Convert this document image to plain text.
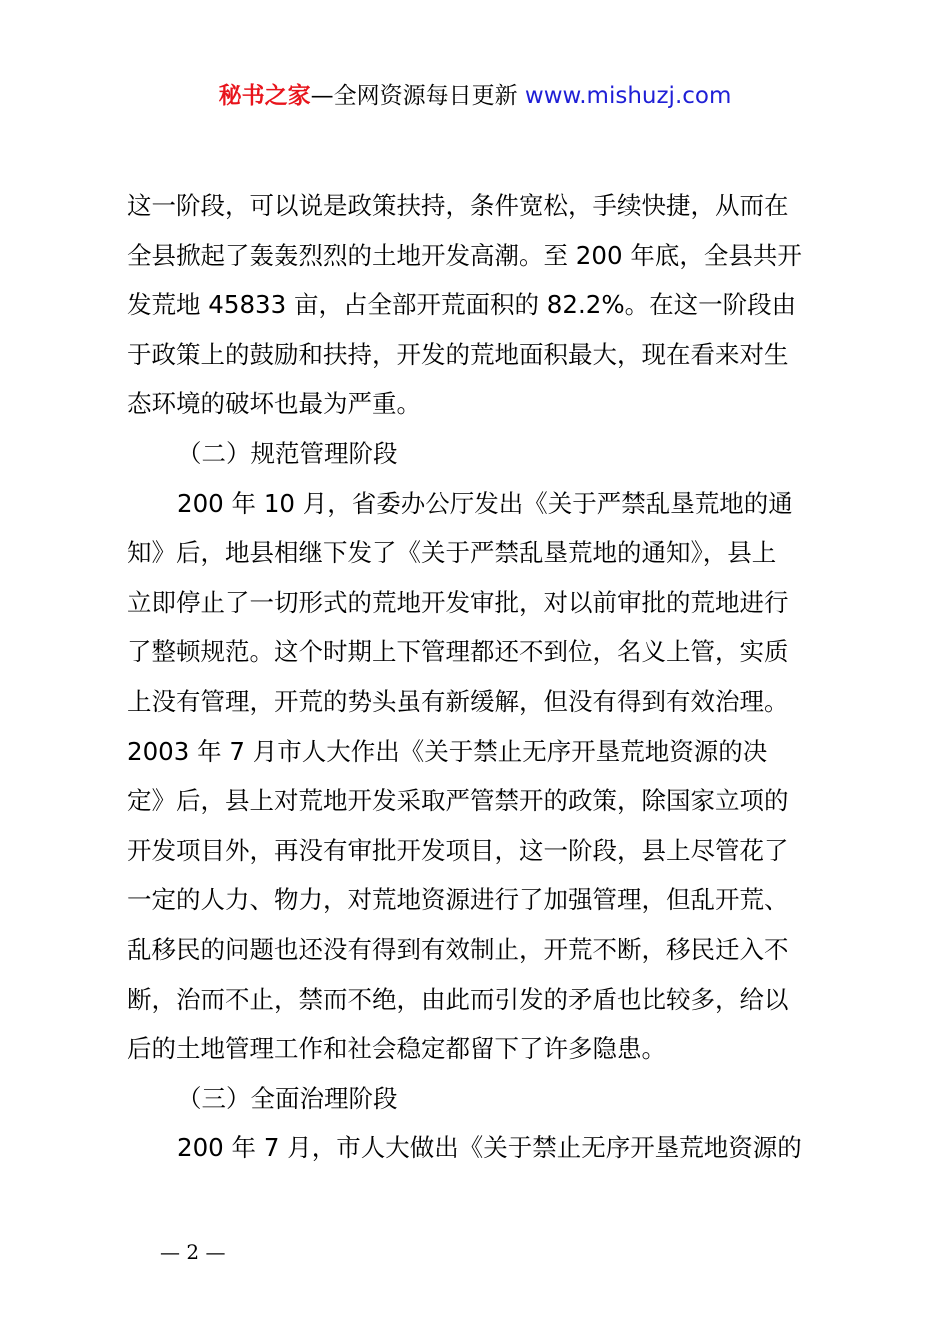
秘书之家—全网资源每日更新 www.mishuzj.com
这一阶段，可以说是政策扶持，条件宽松，手续快捷，从而在
全县掀起了轰轰烈烈的土地开发高潮。至 200 年底，全县共开
发荒地 45833 亩，占全部开荒面积的 82.2%。在这一阶段由
于政策上的鼓励和扶持，开发的荒地面积最大，现在看来对生
态环境的破坏也最为严重。
（二）规范管理阶段
200 年 10 月，省委办公厅发出《关于严禁乱垦荒地的通
知》后，地县相继下发了《关于严禁乱垦荒地的通知》，县上
立即停止了一切形式的荒地开发审批，对以前审批的荒地进行
了整顿规范。这个时期上下管理都还不到位，名义上管，实质
上没有管理，开荒的势头虽有新缓解，但没有得到有效治理。
2003 年 7 月市人大作出《关于禁止无序开垦荒地资源的决
定》后，县上对荒地开发采取严管禁开的政策，除国家立项的
开发项目外，再没有审批开发项目，这一阶段，县上尽管花了
一定的人力、物力，对荒地资源进行了加强管理，但乱开荒、
乱移民的问题也还没有得到有效制止，开荒不断，移民迁入不
断，治而不止，禁而不绝，由此而引发的矛盾也比较多，给以
后的土地管理工作和社会稳定都留下了许多隐患。
（三）全面治理阶段
200 年 7 月，市人大做出《关于禁止无序开垦荒地资源的
— 2 —
